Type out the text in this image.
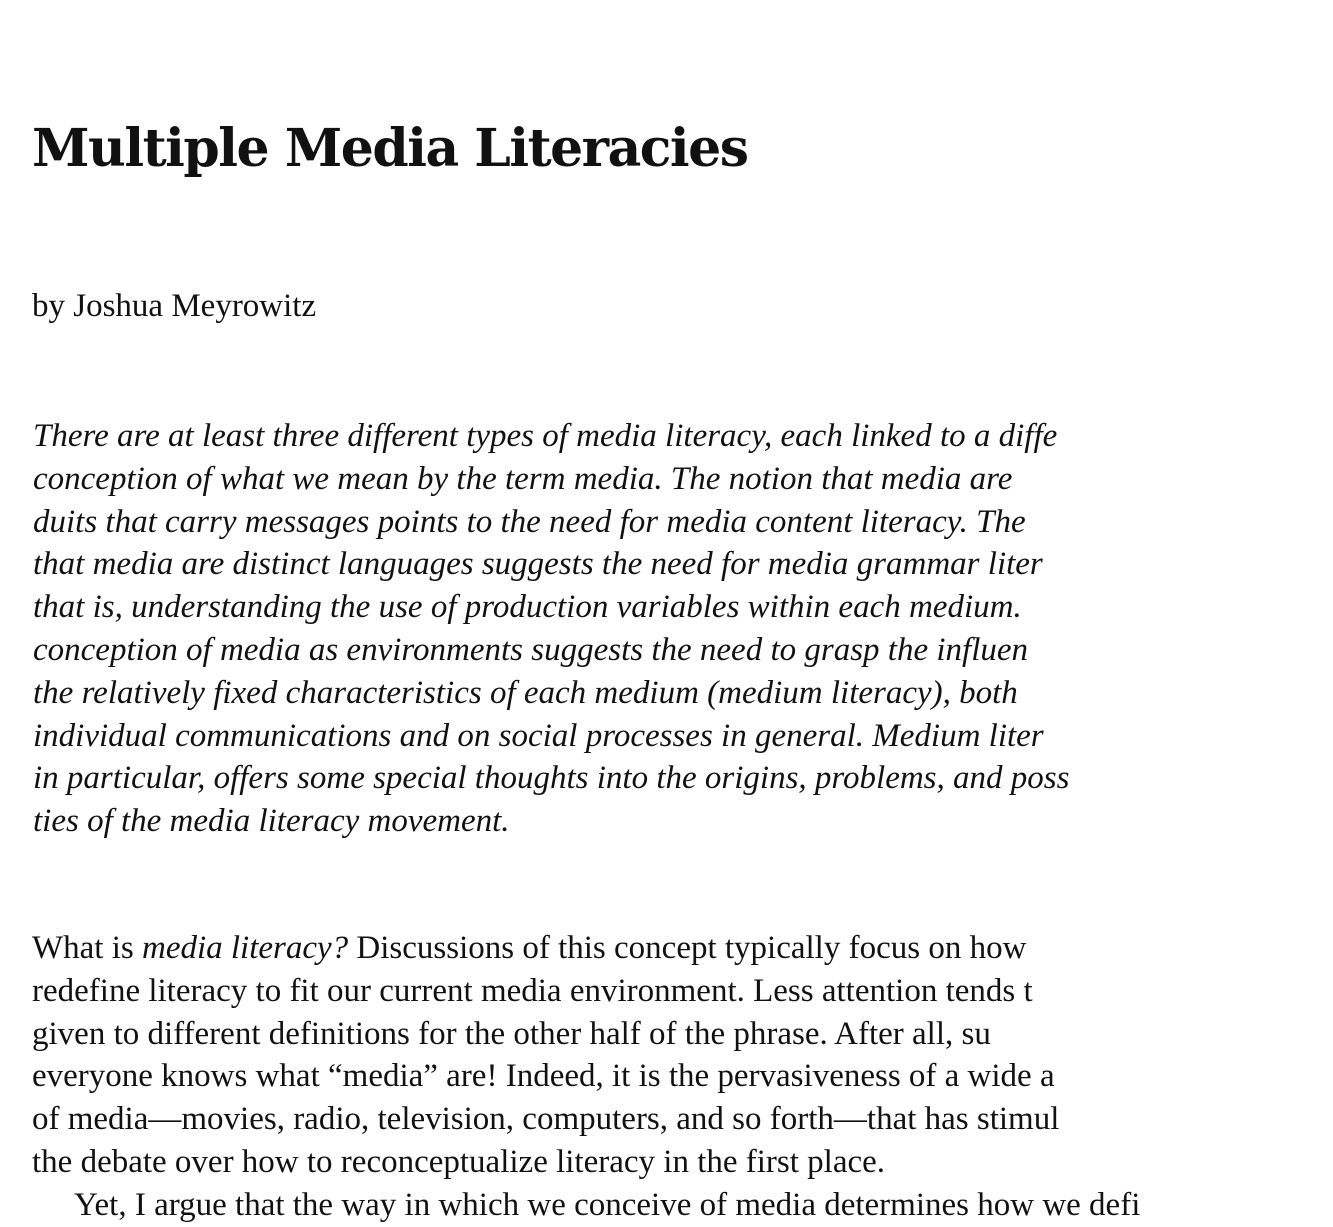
Multiple Media Literacies

by Joshua Meyrowitz

There are at least three different types of media literacy, each linked to a diffe
conception of what we mean by the term media. The notion that media are
duits that carry messages points to the need for media content literacy. The
that media are distinct languages suggests the need for media grammar liter
that is, understanding the use of production variables within each medium.
conception of media as environments suggests the need to grasp the influen
the relatively fixed characteristics of each medium (medium literacy), both
individual communications and on social processes in general. Medium liter
in particular, offers some special thoughts into the origins, problems, and poss
ties of the media literacy movement.
What is media literacy? Discussions of this concept typically focus on how
redefine literacy to fit our current media environment. Less attention tends t
given to different definitions for the other half of the phrase. After all, su
everyone knows what “media” are! Indeed, it is the pervasiveness of a wide a
of media—movies, radio, television, computers, and so forth—that has stimul
the debate over how to reconceptualize literacy in the first place.
Yet, I argue that the way in which we conceive of media determines how we defi
